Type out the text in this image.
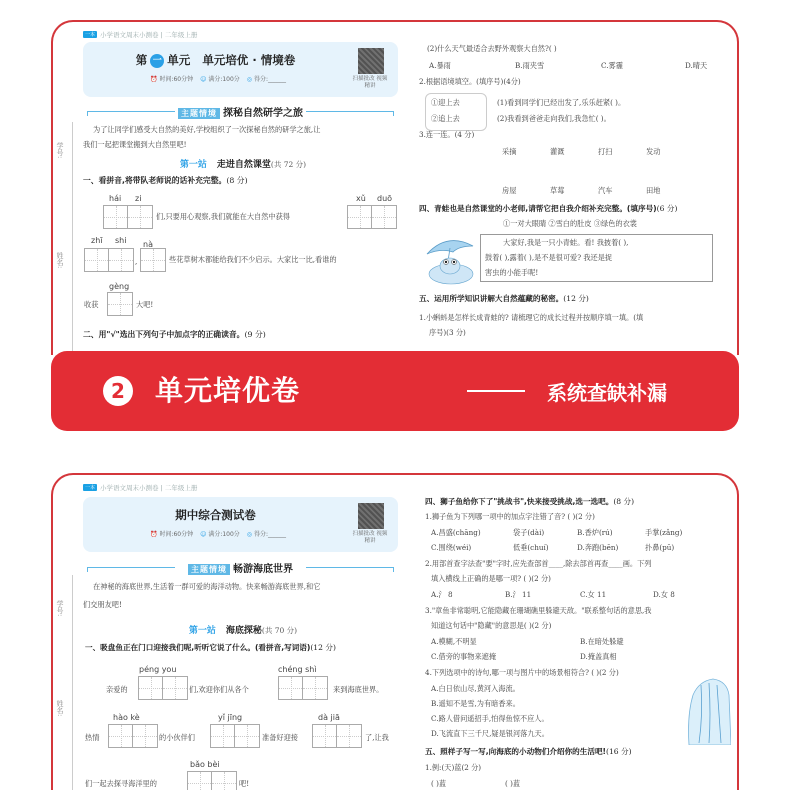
学号:
姓名:
一本 小学语文周末小测卷 | 二年级上册
第 一 单元 单元培优 · 情境卷
⏰ 时间:60分钟 ☺ 满分:100分 ◎ 得分:______	扫描批改 视频精讲
主题情境 探秘自然研学之旅
为了让同学们感受大自然的美好,学校组织了一次探秘自然的研学之旅,让
我们一起把课堂搬到大自然里吧!
第一站 走进自然课堂(共 72 分)
一、看拼音,将带队老师说的话补充完整。(8 分)
hái zi	xǔ duō
们,只要用心观察,我们就能在大自然中获得
zhī shi nà
,	些花草树木都能给我们不少启示。大家比一比,看谁的
gèng
收获	大吧!
二、用"√"选出下列句子中加点字的正确读音。(9 分)
(2)什么天气最适合去野外观察大自然?( )
A.暴雨	B.雨夹雪	C.雾霾	D.晴天
2.根据语境填空。(填序号)(4分)
①迎上去
②追上去
(1)看到同学们已经出发了,乐乐赶紧( )。
(2)我看到爸爸走向我们,我急忙( )。
3.连一连。(4 分)
采摘	灌溉	打扫	发动
房屋	草莓	汽车	田地
四、青蛙也是自然课堂的小老师,请帮它把自我介绍补充完整。(填序号)(6 分)
①一对大眼睛 ②雪白的肚皮 ③绿色的衣裳
大家好,我是一只小青蛙。看! 我披着( ),
鼓着( ),露着( ),是不是很可爱? 我还是捉
害虫的小能手呢!
五、运用所学知识讲解大自然蕴藏的秘密。(12 分)
1.小蝌蚪是怎样长成青蛙的? 请梳理它的成长过程并按顺序填一填。(填
序号)(3 分)
2 单元培优卷	系统查缺补漏
学号:
姓名:
一本 小学语文周末小测卷 | 二年级上册
期中综合测试卷
⏰ 时间:60分钟 ☺ 满分:100分 ◎ 得分:______	扫描批改 视频精讲
主题情境 畅游海底世界
在神秘的海底世界,生活着一群可爱的海洋动物。快来畅游海底世界,和它
们交朋友吧!
第一站 海底探秘(共 70 分)
一、吸盘鱼正在门口迎接我们呢,听听它说了什么。(看拼音,写词语)(12 分)
péng you	chéng shì
亲爱的	们,欢迎你们从各个	来到海底世界。
hào kè	yǐ jīng	dà jiā
热情	的小伙伴们	准备好迎接	了,让我
bǎo bèi
们一起去探寻海洋里的	吧!
四、狮子鱼给你下了"挑战书",快来接受挑战,选一选吧。(8 分)
1.狮子鱼为下列哪一项中的加点字注错了音? ( )(2 分)
A.昌盛(chāng)	袋子(dài)	B.香炉(rú)	手掌(zǎng)
C.围绕(wéi)	低垂(chuí)	D.奔跑(bēn)	扑鼻(pū)
2.用部首查字法查"要"字时,应先查部首____,除去部首再查____画。下列
填入横线上正确的是哪一项? ( )(2 分)
A.氵 8	B.氵 11	C.女 11	D.女 8
3."章鱼非常聪明,它能隐藏在珊瑚礁里躲避天敌。"联系整句话的意思,我
知道这句话中"隐藏"的意思是( )(2 分)
A.模糊,不明显	B.在暗处躲避
C.借旁的事物来遮掩	D.掩盖真相
4.下列选项中的诗句,哪一项与图片中的场景相符合? ( )(2 分)
A.白日依山尽,黄河入海流。
B.遥知不是雪,为有暗香来。
C.路人借问遥招手,怕得鱼惊不应人。
D.飞流直下三千尺,疑是银河落九天。
五、照样子写一写,向海底的小动物们介绍你的生活吧!(16 分)
1.例:(天)蓝(2 分)
( )蓝	( )蓝
